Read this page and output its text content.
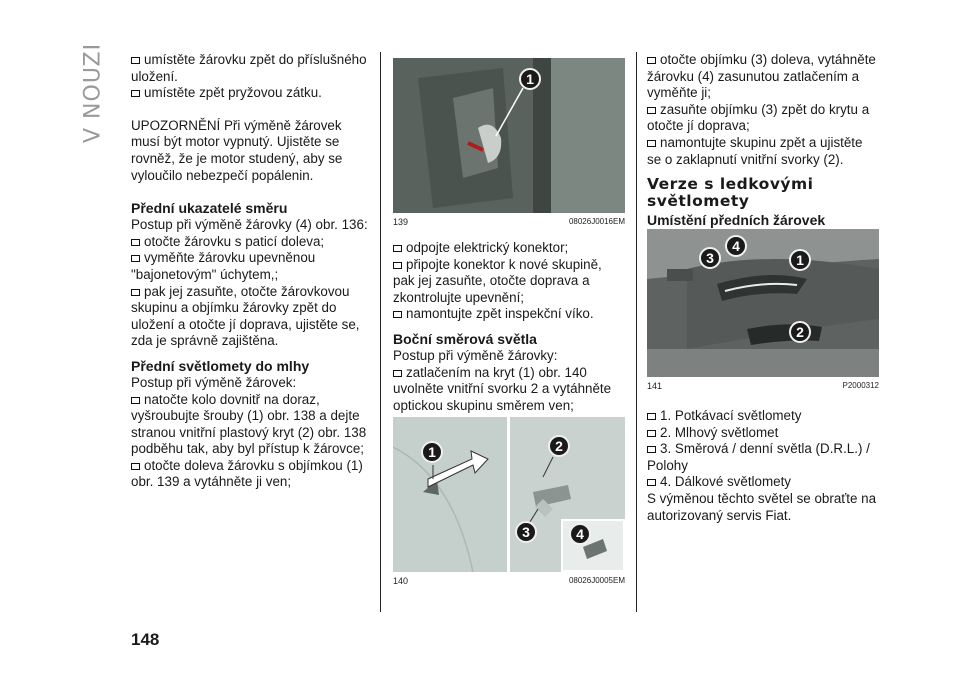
V NOUZI	umístěte žárovku zpět do příslušného uložení.

umístěte zpět pryžovou zátku.

UPOZORNĚNÍ Při výměně žárovek musí být motor vypnutý. Ujistěte se rovněž, že je motor studený, aby se vyloučilo nebezpečí popálenin.

Přední ukazatelé směru

Postup při výměně žárovky (4) obr. 136:

otočte žárovku s paticí doleva;

vyměňte žárovku upevněnou "bajonetovým" úchytem,;

pak jej zasuňte, otočte žárovkovou skupinu a objímku žárovky zpět do uložení a otočte jí doprava, ujistěte se, zda je správně zajištěna.

Přední světlomety do mlhy

Postup při výměně žárovek:

natočte kolo dovnitř na doraz, vyšroubujte šrouby (1) obr. 138 a dejte stranou vnitřní plastový kryt (2) obr. 138 podběhu tak, aby byl přístup k žárovce;

otočte doleva žárovku s objímkou (1) obr. 139 a vytáhněte ji ven;

1
139	08026J0016EM

odpojte elektrický konektor;

připojte konektor k nové skupině, pak jej zasuňte, otočte doprava a zkontrolujte upevnění;

namontujte zpět inspekční víko.

Boční směrová světla

Postup při výměně žárovky:

zatlačením na kryt (1) obr. 140 uvolněte vnitřní svorku 2 a vytáhněte optickou skupinu směrem ven;

1	2
3	4
140	08026J0005EM

otočte objímku (3) doleva, vytáhněte žárovku (4) zasunutou zatlačením a vyměňte ji;

zasuňte objímku (3) zpět do krytu a otočte jí doprava;

namontujte skupinu zpět a ujistěte se o zaklapnutí vnitřní svorky (2).

Verze s ledkovými světlomety
Umístění předních žárovek
4
3	1
2
141	P2000312

1. Potkávací světlomety

2. Mlhový světlomet

3. Směrová / denní světla (D.R.L.) / Polohy

4. Dálkové světlomety

S výměnou těchto světel se obraťte na autorizovaný servis Fiat.

148
